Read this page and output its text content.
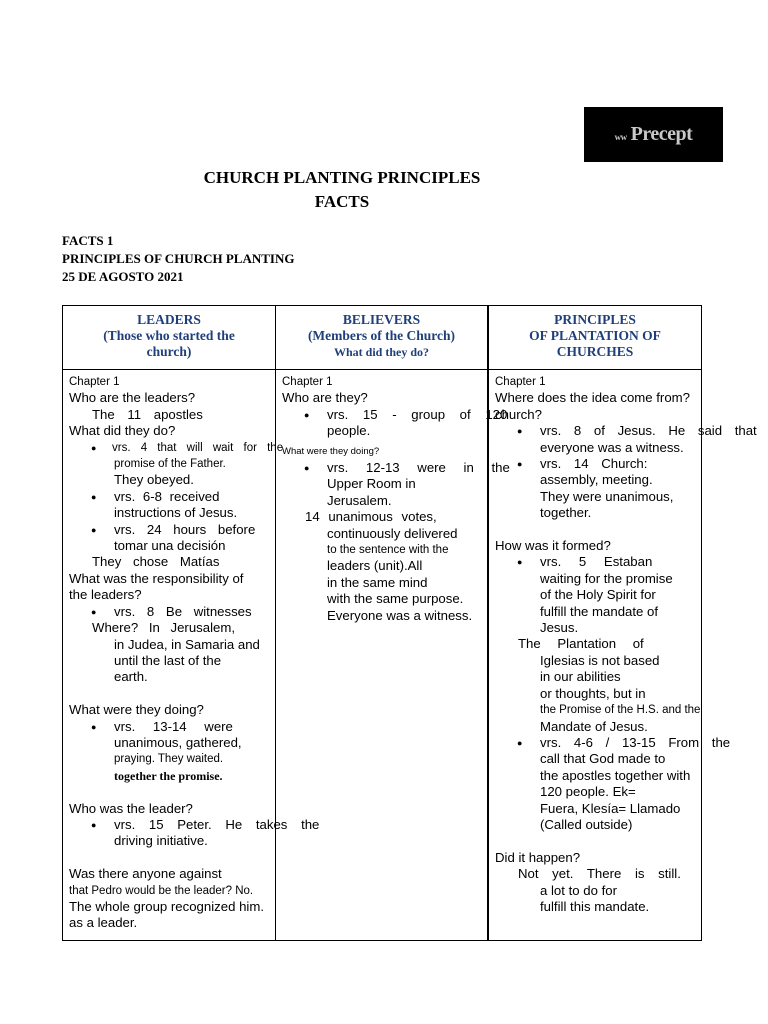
ww Precept
CHURCH PLANTING PRINCIPLES
FACTS
FACTS 1
PRINCIPLES OF CHURCH PLANTING
25 DE AGOSTO 2021
LEADERS
(Those who started the
church)
BELIEVERS
(Members of the Church)
What did they do?
PRINCIPLES
OF PLANTATION OF
CHURCHES
Chapter 1
Who are the leaders?
The 11 apostles
What did they do?
● vrs. 4 that will wait for the
promise of the Father.
They obeyed.
● vrs. 6-8 received
instructions of Jesus.
● vrs. 24 hours before
tomar una decisión
They chose Matías
What was the responsibility of
the leaders?
● vrs. 8 Be witnesses
Where? In Jerusalem,
in Judea, in Samaria and
until the last of the
earth.
What were they doing?
● vrs. 13-14 were
unanimous, gathered,
praying. They waited.
together the promise.
Who was the leader?
● vrs. 15 Peter. He takes the
driving initiative.
Was there anyone against
that Pedro would be the leader? No.
The whole group recognized him.
as a leader.
Chapter 1
Who are they?
● vrs. 15 - group of 120
people.
What were they doing?
● vrs. 12-13 were in the
Upper Room in
Jerusalem.
14 unanimous votes,
continuously delivered
to the sentence with the
leaders (unit).All
in the same mind
with the same purpose.
Everyone was a witness.
Chapter 1
Where does the idea come from?
church?
● vrs. 8 of Jesus. He said that
everyone was a witness.
● vrs. 14 Church:
assembly, meeting.
They were unanimous,
together.
How was it formed?
● vrs. 5 Estaban
waiting for the promise
of the Holy Spirit for
fulfill the mandate of
Jesus.
The Plantation of
Iglesias is not based
in our abilities
or thoughts, but in
the Promise of the H.S. and the
Mandate of Jesus.
● vrs. 4-6 / 13-15 From the
call that God made to
the apostles together with
120 people. Ek=
Fuera, Klesía= Llamado
(Called outside)
Did it happen?
Not yet. There is still.
a lot to do for
fulfill this mandate.
